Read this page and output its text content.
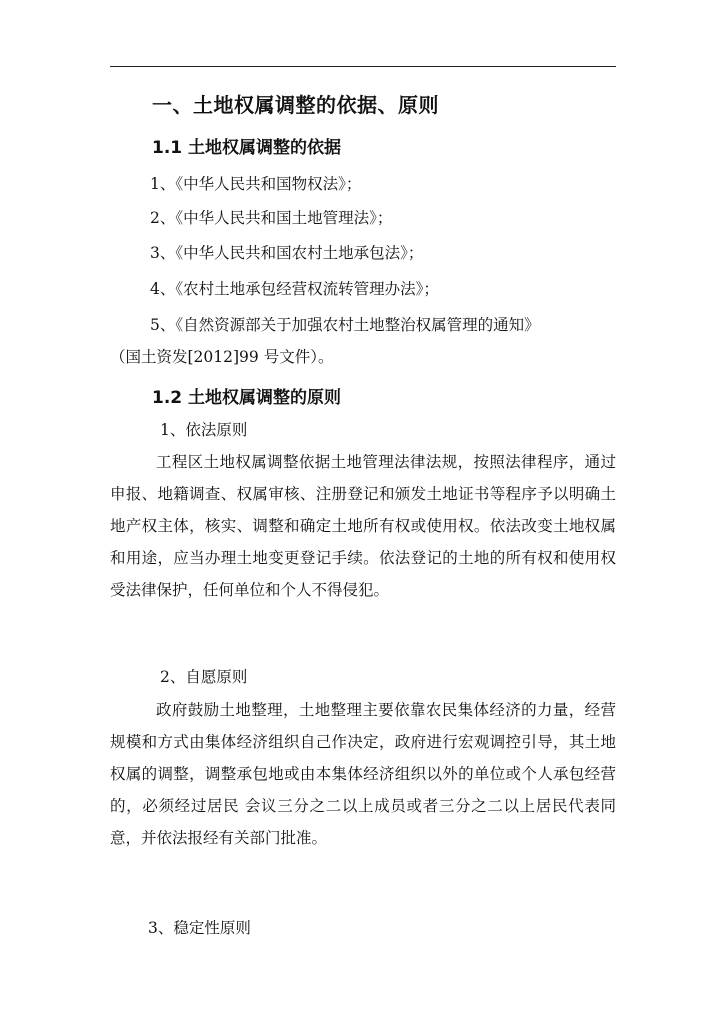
一、土地权属调整的依据、原则
1.1 土地权属调整的依据
1、《中华人民共和国物权法》；
2、《中华人民共和国土地管理法》；
3、《中华人民共和国农村土地承包法》；
4、《农村土地承包经营权流转管理办法》；
5、《自然资源部关于加强农村土地整治权属管理的通知》
（国土资发[2012]99 号文件）。
1.2 土地权属调整的原则
1、依法原则
工程区土地权属调整依据土地管理法律法规，按照法律程序，通过申报、地籍调查、权属审核、注册登记和颁发土地证书等程序予以明确土地产权主体，核实、调整和确定土地所有权或使用权。依法改变土地权属和用途，应当办理土地变更登记手续。依法登记的土地的所有权和使用权受法律保护，任何单位和个人不得侵犯。
2、自愿原则
政府鼓励土地整理，土地整理主要依靠农民集体经济的力量，经营规模和方式由集体经济组织自己作决定，政府进行宏观调控引导，其土地权属的调整，调整承包地或由本集体经济组织以外的单位或个人承包经营的，必须经过居民 会议三分之二以上成员或者三分之二以上居民代表同意，并依法报经有关部门批准。
3、稳定性原则
